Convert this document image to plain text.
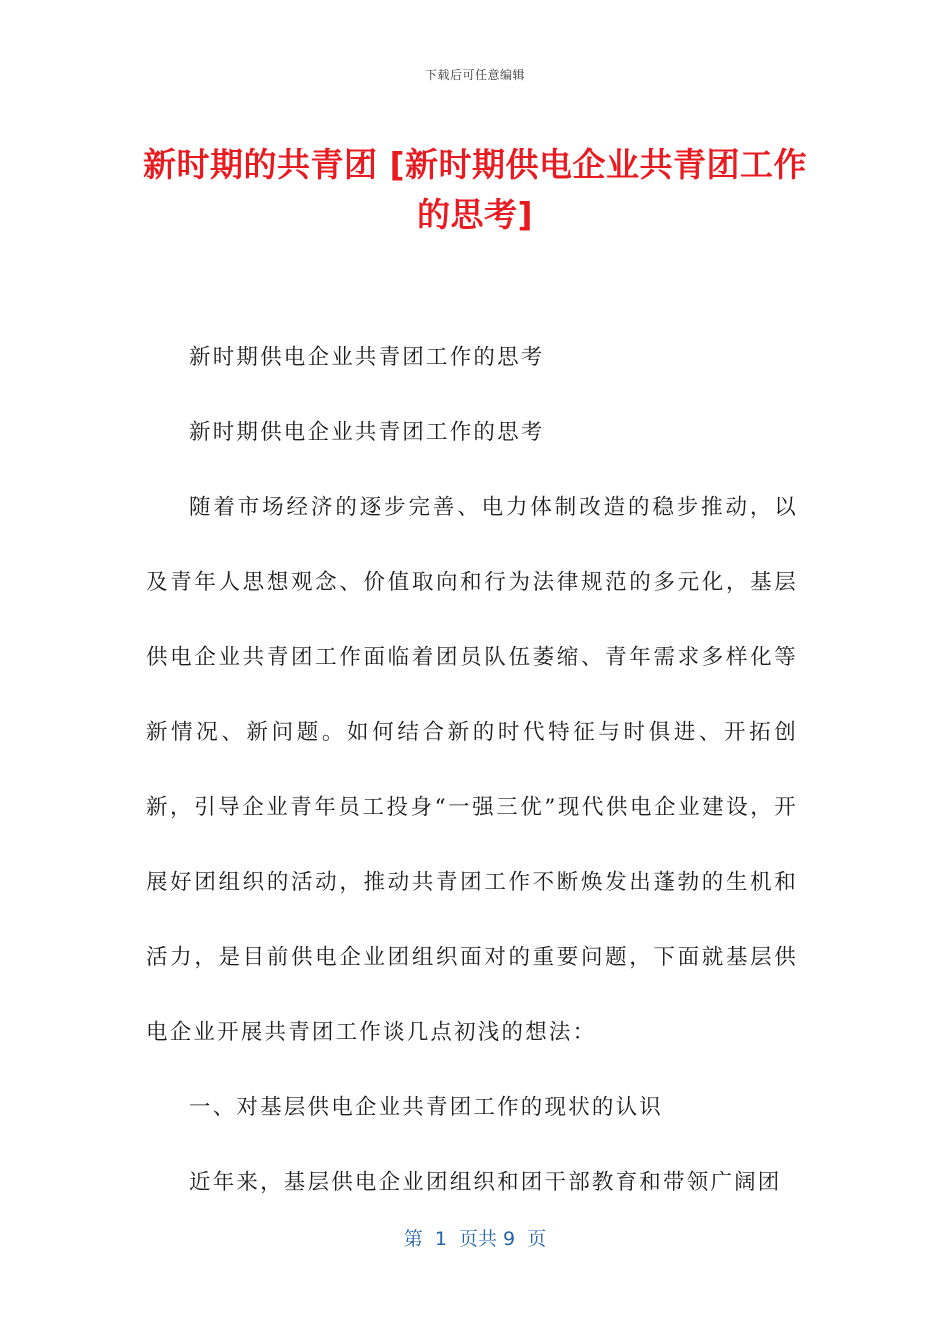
下载后可任意编辑
新时期的共青团 [新时期供电企业共青团工作的思考]

新时期供电企业共青团工作的思考

新时期供电企业共青团工作的思考

随着市场经济的逐步完善、电力体制改造的稳步推动，以及青年人思想观念、价值取向和行为法律规范的多元化，基层供电企业共青团工作面临着团员队伍萎缩、青年需求多样化等新情况、新问题。如何结合新的时代特征与时俱进、开拓创新，引导企业青年员工投身“一强三优”现代供电企业建设，开展好团组织的活动，推动共青团工作不断焕发出蓬勃的生机和活力，是目前供电企业团组织面对的重要问题，下面就基层供电企业开展共青团工作谈几点初浅的想法：

一、对基层供电企业共青团工作的现状的认识

近年来，基层供电企业团组织和团干部教育和带领广阔团

第  1  页共 9  页
